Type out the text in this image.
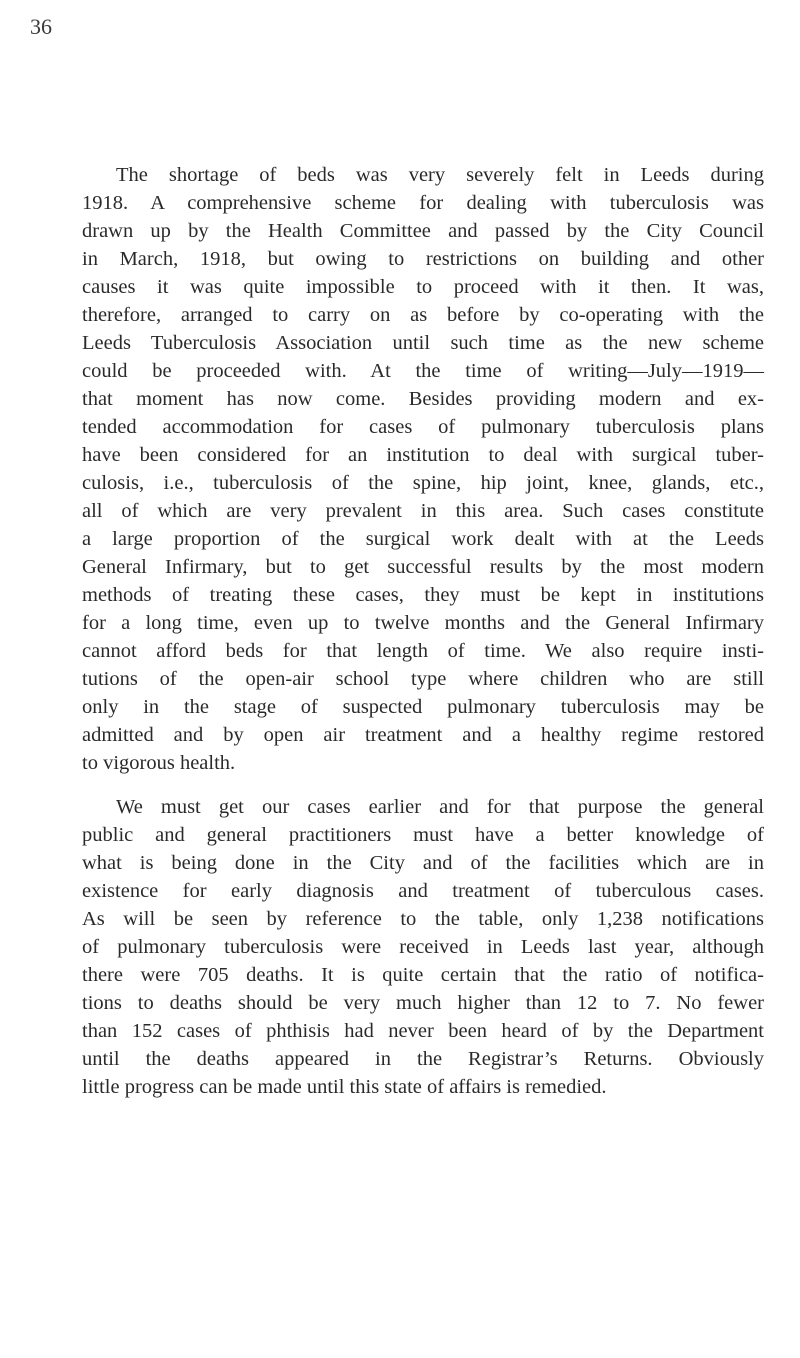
36
The shortage of beds was very severely felt in Leeds during
1918. A comprehensive scheme for dealing with tuberculosis was
drawn up by the Health Committee and passed by the City Council
in March, 1918, but owing to restrictions on building and other
causes it was quite impossible to proceed with it then. It was,
therefore, arranged to carry on as before by co-operating with the
Leeds Tuberculosis Association until such time as the new scheme
could be proceeded with. At the time of writing—July—1919—
that moment has now come. Besides providing modern and ex-
tended accommodation for cases of pulmonary tuberculosis plans
have been considered for an institution to deal with surgical tuber-
culosis, i.e., tuberculosis of the spine, hip joint, knee, glands, etc.,
all of which are very prevalent in this area. Such cases constitute
a large proportion of the surgical work dealt with at the Leeds
General Infirmary, but to get successful results by the most modern
methods of treating these cases, they must be kept in institutions
for a long time, even up to twelve months and the General Infirmary
cannot afford beds for that length of time. We also require insti-
tutions of the open-air school type where children who are still
only in the stage of suspected pulmonary tuberculosis may be
admitted and by open air treatment and a healthy regime restored
to vigorous health.
We must get our cases earlier and for that purpose the general
public and general practitioners must have a better knowledge of
what is being done in the City and of the facilities which are in
existence for early diagnosis and treatment of tuberculous cases.
As will be seen by reference to the table, only 1,238 notifications
of pulmonary tuberculosis were received in Leeds last year, although
there were 705 deaths. It is quite certain that the ratio of notifica-
tions to deaths should be very much higher than 12 to 7. No fewer
than 152 cases of phthisis had never been heard of by the Department
until the deaths appeared in the Registrar’s Returns. Obviously
little progress can be made until this state of affairs is remedied.
